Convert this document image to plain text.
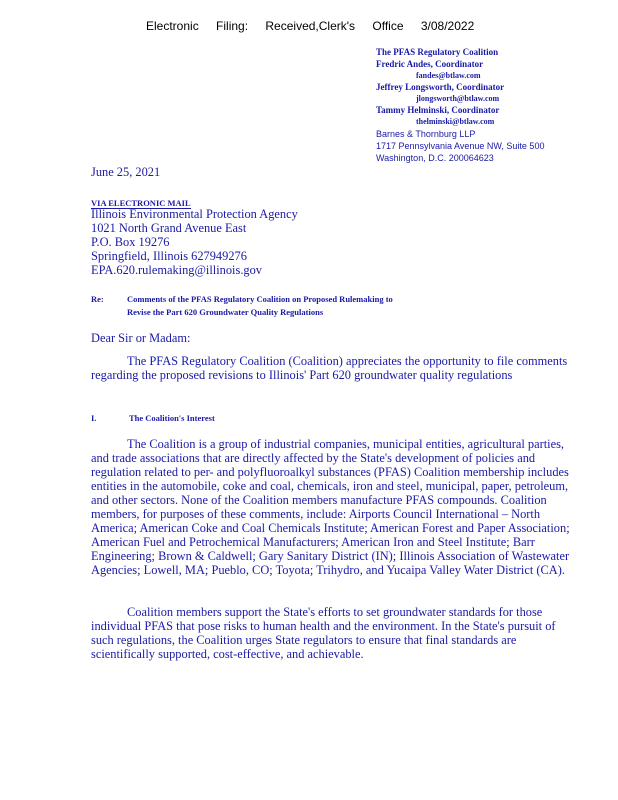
Electronic Filing: Received,Clerk's Office 3/08/2022
The PFAS Regulatory Coalition
Fredric Andes, Coordinator
fandes@btlaw.com
Jeffrey Longsworth, Coordinator
jlongsworth@btlaw.com
Tammy Helminski, Coordinator
thelminski@btlaw.com
Barnes & Thornburg LLP
1717 Pennsylvania Avenue NW, Suite 500
Washington, D.C. 200064623
June 25, 2021
VIA ELECTRONIC MAIL
Illinois Environmental Protection Agency
1021 North Grand Avenue East
P.O. Box 19276
Springfield, Illinois 627949276
EPA.620.rulemaking@illinois.gov
Re:	Comments of the PFAS Regulatory Coalition on Proposed Rulemaking to
Revise the Part 620 Groundwater Quality Regulations
Dear Sir or Madam:
The PFAS Regulatory Coalition (Coalition) appreciates the opportunity to file comments regarding the proposed revisions to Illinois' Part 620 groundwater quality regulations
I.	The Coalition's Interest
The Coalition is a group of industrial companies, municipal entities, agricultural parties, and trade associations that are directly affected by the State's development of policies and regulation related to per- and polyfluoroalkyl substances (PFAS) Coalition membership includes entities in the automobile, coke and coal, chemicals, iron and steel, municipal, paper, petroleum, and other sectors. None of the Coalition members manufacture PFAS compounds. Coalition members, for purposes of these comments, include: Airports Council International – North America; American Coke and Coal Chemicals Institute; American Forest and Paper Association; American Fuel and Petrochemical Manufacturers; American Iron and Steel Institute; Barr Engineering; Brown & Caldwell; Gary Sanitary District (IN); Illinois Association of Wastewater Agencies; Lowell, MA; Pueblo, CO; Toyota; Trihydro, and Yucaipa Valley Water District (CA).
Coalition members support the State's efforts to set groundwater standards for those individual PFAS that pose risks to human health and the environment. In the State's pursuit of such regulations, the Coalition urges State regulators to ensure that final standards are scientifically supported, cost-effective, and achievable.
